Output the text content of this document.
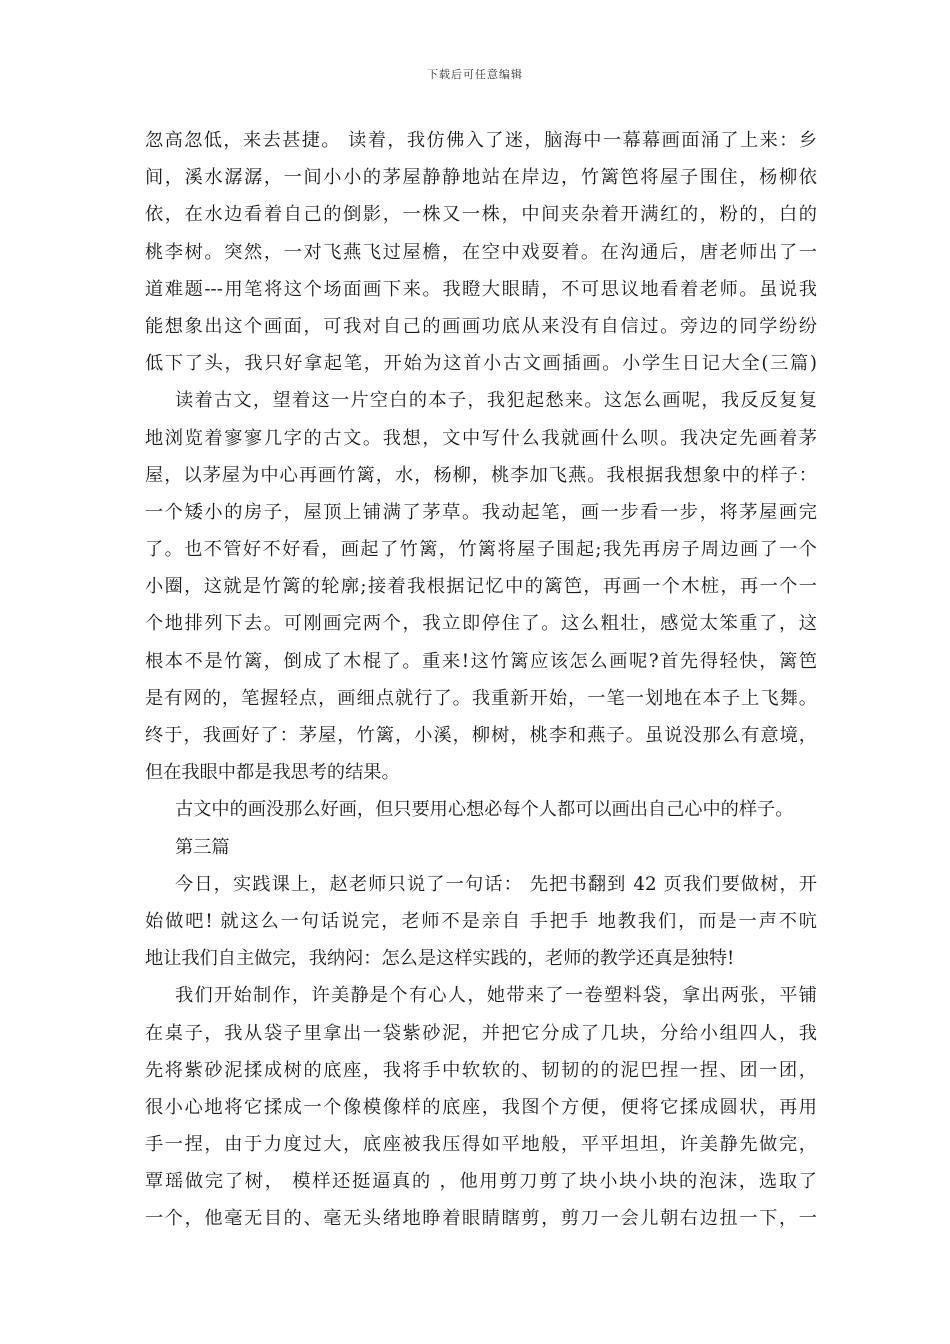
下载后可任意编辑
忽高忽低，来去甚捷。 读着，我仿佛入了迷，脑海中一幕幕画面涌了上来：乡
间，溪水潺潺，一间小小的茅屋静静地站在岸边，竹篱笆将屋子围住，杨柳依
依，在水边看着自己的倒影，一株又一株，中间夹杂着开满红的，粉的，白的
桃李树。突然，一对飞燕飞过屋檐，在空中戏耍着。在沟通后，唐老师出了一
道难题---用笔将这个场面画下来。我瞪大眼睛，不可思议地看着老师。虽说我
能想象出这个画面，可我对自己的画画功底从来没有自信过。旁边的同学纷纷
低下了头，我只好拿起笔，开始为这首小古文画插画。小学生日记大全(三篇)
读着古文，望着这一片空白的本子，我犯起愁来。这怎么画呢，我反反复复
地浏览着寥寥几字的古文。我想，文中写什么我就画什么呗。我决定先画着茅
屋，以茅屋为中心再画竹篱，水，杨柳，桃李加飞燕。我根据我想象中的样子：
一个矮小的房子，屋顶上铺满了茅草。我动起笔，画一步看一步，将茅屋画完
了。也不管好不好看，画起了竹篱，竹篱将屋子围起;我先再房子周边画了一个
小圈，这就是竹篱的轮廓;接着我根据记忆中的篱笆，再画一个木桩，再一个一
个地排列下去。可刚画完两个，我立即停住了。这么粗壮，感觉太笨重了，这
根本不是竹篱，倒成了木棍了。重来!这竹篱应该怎么画呢?首先得轻快，篱笆
是有网的，笔握轻点，画细点就行了。我重新开始，一笔一划地在本子上飞舞。
终于，我画好了：茅屋，竹篱，小溪，柳树，桃李和燕子。虽说没那么有意境，
但在我眼中都是我思考的结果。
古文中的画没那么好画，但只要用心想必每个人都可以画出自己心中的样子。
第三篇
今日，实践课上，赵老师只说了一句话： 先把书翻到 42 页我们要做树，开
始做吧! 就这么一句话说完，老师不是亲自 手把手 地教我们，而是一声不吭
地让我们自主做完，我纳闷：怎么是这样实践的，老师的教学还真是独特!
我们开始制作，许美静是个有心人，她带来了一卷塑料袋，拿出两张，平铺
在桌子，我从袋子里拿出一袋紫砂泥，并把它分成了几块，分给小组四人，我
先将紫砂泥揉成树的底座，我将手中软软的、韧韧的的泥巴捏一捏、团一团，
很小心地将它揉成一个像模像样的底座，我图个方便，便将它揉成圆状，再用
手一捏，由于力度过大，底座被我压得如平地般，平平坦坦，许美静先做完，
覃瑶做完了树， 模样还挺逼真的 ，他用剪刀剪了块小块小块的泡沫，选取了
一个，他毫无目的、毫无头绪地睁着眼睛瞎剪，剪刀一会儿朝右边扭一下，一
